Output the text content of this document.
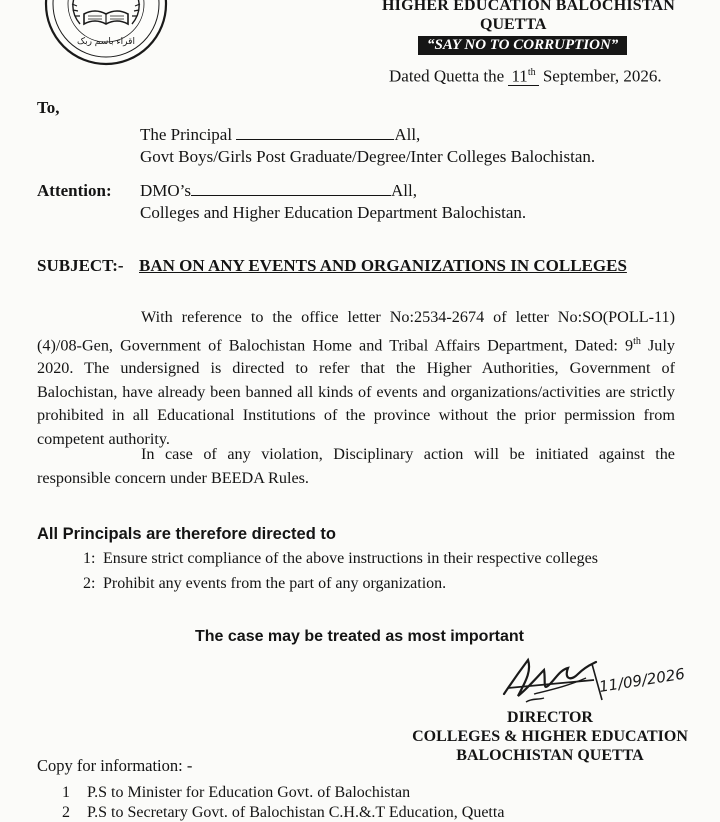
اقراء باسم ربک
HIGHER EDUCATION BALOCHISTAN
QUETTA
“SAY NO TO CORRUPTION”
Dated Quetta the 11th September, 2026.
To,
The Principal	All,
Govt Boys/Girls Post Graduate/Degree/Inter Colleges Balochistan.
Attention: DMO’s	All,
Colleges and Higher Education Department Balochistan.
SUBJECT:- BAN ON ANY EVENTS AND ORGANIZATIONS IN COLLEGES
With reference to the office letter No:2534-2674 of letter No:SO(POLL-11) (4)/08-Gen, Government of Balochistan Home and Tribal Affairs Department, Dated: 9th July 2020. The undersigned is directed to refer that the Higher Authorities, Government of Balochistan, have already been banned all kinds of events and organizations/activities are strictly prohibited in all Educational Institutions of the province without the prior permission from competent authority.
In case of any violation, Disciplinary action will be initiated against the responsible concern under BEEDA Rules.
All Principals are therefore directed to
1: Ensure strict compliance of the above instructions in their respective colleges
2: Prohibit any events from the part of any organization.
The case may be treated as most important
11/09/2026
DIRECTOR
COLLEGES & HIGHER EDUCATION
BALOCHISTAN QUETTA
Copy for information: -
1 P.S to Minister for Education Govt. of Balochistan
2 P.S to Secretary Govt. of Balochistan C.H.&.T Education, Quetta
